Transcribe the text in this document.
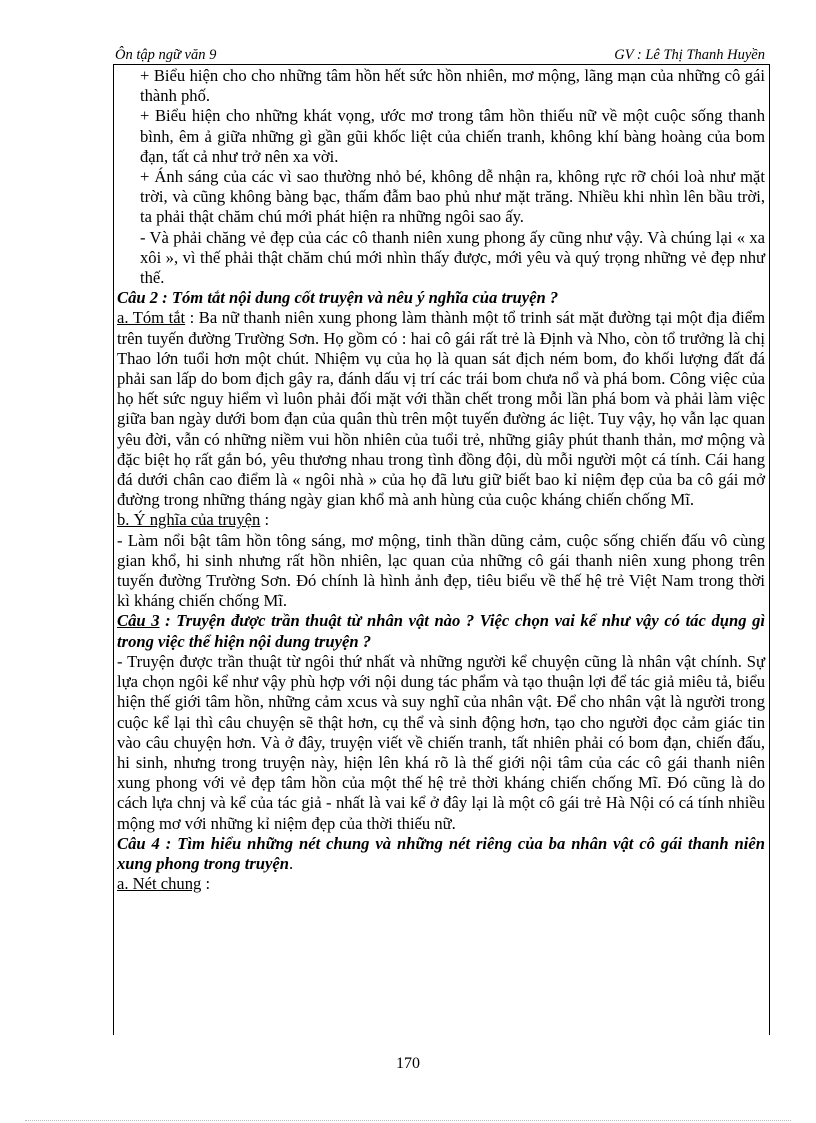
Ôn tập ngữ văn 9	GV : Lê Thị Thanh Huyền

+ Biểu hiện cho cho những tâm hồn hết sức hồn nhiên, mơ mộng, lãng mạn của những cô gái thành phố.

+ Biểu hiện cho những khát vọng, ước mơ trong tâm hồn thiếu nữ về một cuộc sống thanh bình, êm ả giữa những gì gần gũi khốc liệt của chiến tranh, không khí bàng hoàng của bom đạn, tất cả như trở nên xa vời.

+ Ánh sáng của các vì sao thường nhỏ bé, không dễ nhận ra, không rực rỡ chói loà như mặt trời, và cũng không bàng bạc, thấm đẫm bao phủ như mặt trăng. Nhiều khi nhìn lên bầu trời, ta phải thật chăm chú mới phát hiện ra những ngôi sao ấy.

- Và phải chăng vẻ đẹp của các cô thanh niên xung phong ấy cũng như vậy. Và chúng lại « xa xôi », vì thế phải thật chăm chú mới nhìn thấy được, mới yêu và quý trọng những vẻ đẹp như thế.

Câu 2 : Tóm tắt nội dung cốt truyện và nêu ý nghĩa của truyện ?

a. Tóm tắt : Ba nữ thanh niên xung phong làm thành một tổ trinh sát mặt đường tại một địa điểm trên tuyến đường Trường Sơn. Họ gồm có : hai cô gái rất trẻ là Định và Nho, còn tổ trưởng là chị Thao lớn tuổi hơn một chút. Nhiệm vụ của họ là quan sát địch ném bom, đo khối lượng đất đá phải san lấp do bom địch gây ra, đánh dấu vị trí các trái bom chưa nổ và phá bom. Công việc của họ hết sức nguy hiểm vì luôn phải đối mặt với thần chết trong mỗi lần phá bom và phải làm việc giữa ban ngày dưới bom đạn của quân thù trên một tuyến đường ác liệt. Tuy vậy, họ vẫn lạc quan yêu đời, vẫn có những niềm vui hồn nhiên của tuổi trẻ, những giây phút thanh thản, mơ mộng và đặc biệt họ rất gắn bó, yêu thương nhau trong tình đồng đội, dù mỗi người một cá tính. Cái hang đá dưới chân cao điểm là « ngôi nhà » của họ đã lưu giữ biết bao kỉ niệm đẹp của ba cô gái mở đường trong những tháng ngày gian khổ mà anh hùng của cuộc kháng chiến chống Mĩ.

b. Ý nghĩa của truyện :

- Làm nổi bật tâm hồn tông sáng, mơ mộng, tinh thần dũng cảm, cuộc sống chiến đấu vô cùng gian khổ, hi sinh nhưng rất hồn nhiên, lạc quan của những cô gái thanh niên xung phong trên tuyến đường Trường Sơn. Đó chính là hình ảnh đẹp, tiêu biểu về thế hệ trẻ Việt Nam trong thời kì kháng chiến chống Mĩ.

Câu 3 : Truyện được trần thuật từ nhân vật nào ? Việc chọn vai kể như vậy có tác dụng gì trong việc thể hiện nội dung truyện ?

- Truyện được trần thuật từ ngôi thứ nhất và những người kể chuyện cũng là nhân vật chính. Sự lựa chọn ngôi kể như vậy phù hợp với nội dung tác phẩm và tạo thuận lợi để tác giả miêu tả, biểu hiện thế giới tâm hồn, những cảm xcus và suy nghĩ của nhân vật. Để cho nhân vật là người trong cuộc kể lại thì câu chuyện sẽ thật hơn, cụ thể và sinh động hơn, tạo cho người đọc cảm giác tin vào câu chuyện hơn. Và ở đây, truyện viết về chiến tranh, tất nhiên phải có bom đạn, chiến đấu, hi sinh, nhưng trong truyện này, hiện lên khá rõ là thế giới nội tâm của các cô gái thanh niên xung phong với vẻ đẹp tâm hồn của một thế hệ trẻ thời kháng chiến chống Mĩ. Đó cũng là do cách lựa chnj và kể của tác giả - nhất là vai kể ở đây lại là một cô gái trẻ Hà Nội có cá tính nhiều mộng mơ với những kỉ niệm đẹp của thời thiếu nữ.

Câu 4 : Tìm hiểu những nét chung và những nét riêng của ba nhân vật cô gái thanh niên xung phong trong truyện.

a. Nét chung :

170
